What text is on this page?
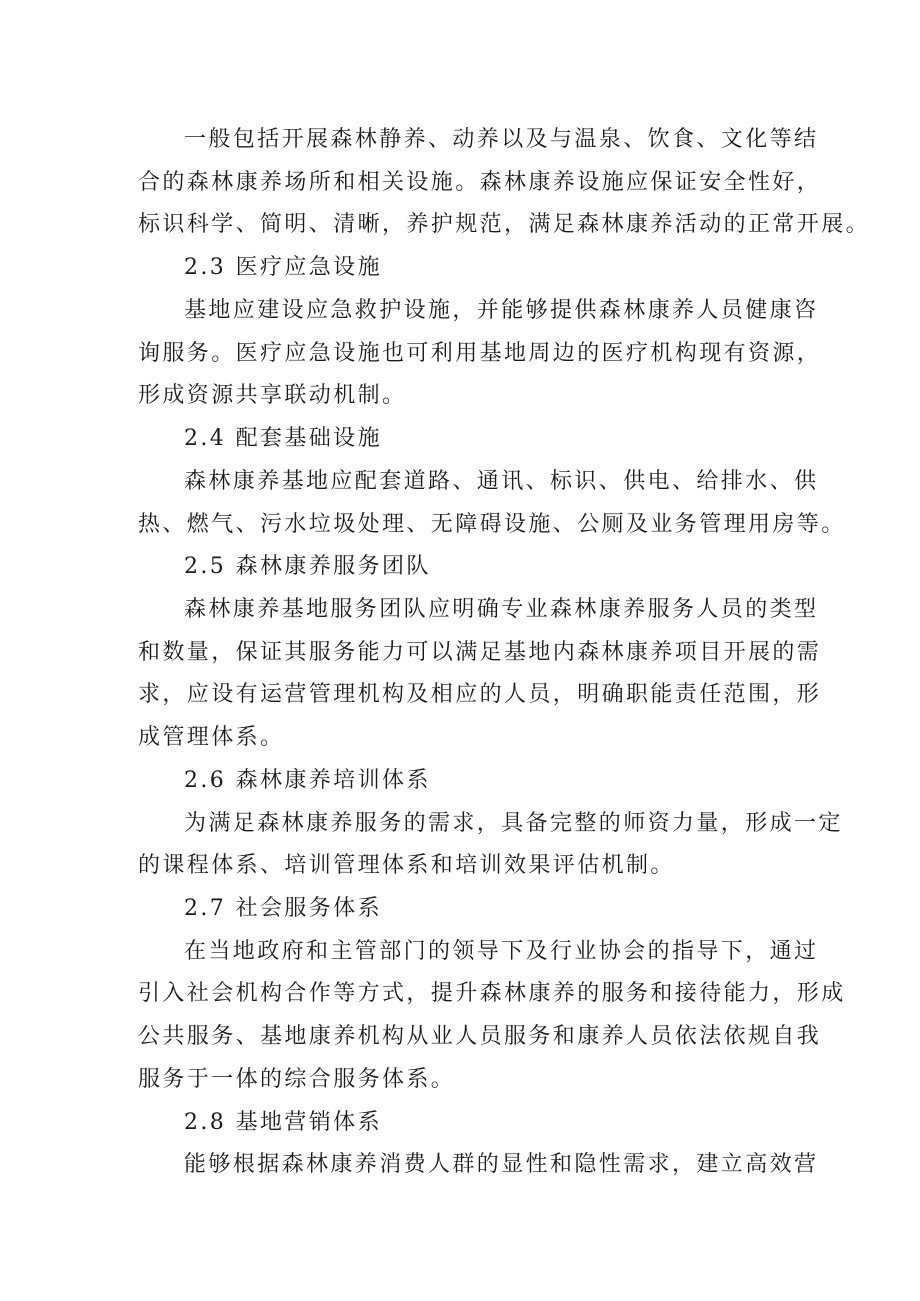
一般包括开展森林静养、动养以及与温泉、饮食、文化等结
合的森林康养场所和相关设施。森林康养设施应保证安全性好，
标识科学、简明、清晰，养护规范，满足森林康养活动的正常开展。
2.3 医疗应急设施
基地应建设应急救护设施，并能够提供森林康养人员健康咨
询服务。医疗应急设施也可利用基地周边的医疗机构现有资源，
形成资源共享联动机制。
2.4 配套基础设施
森林康养基地应配套道路、通讯、标识、供电、给排水、供
热、燃气、污水垃圾处理、无障碍设施、公厕及业务管理用房等。
2.5 森林康养服务团队
森林康养基地服务团队应明确专业森林康养服务人员的类型
和数量，保证其服务能力可以满足基地内森林康养项目开展的需
求，应设有运营管理机构及相应的人员，明确职能责任范围，形
成管理体系。
2.6 森林康养培训体系
为满足森林康养服务的需求，具备完整的师资力量，形成一定
的课程体系、培训管理体系和培训效果评估机制。
2.7 社会服务体系
在当地政府和主管部门的领导下及行业协会的指导下，通过
引入社会机构合作等方式，提升森林康养的服务和接待能力，形成
公共服务、基地康养机构从业人员服务和康养人员依法依规自我
服务于一体的综合服务体系。
2.8 基地营销体系
能够根据森林康养消费人群的显性和隐性需求，建立高效营
